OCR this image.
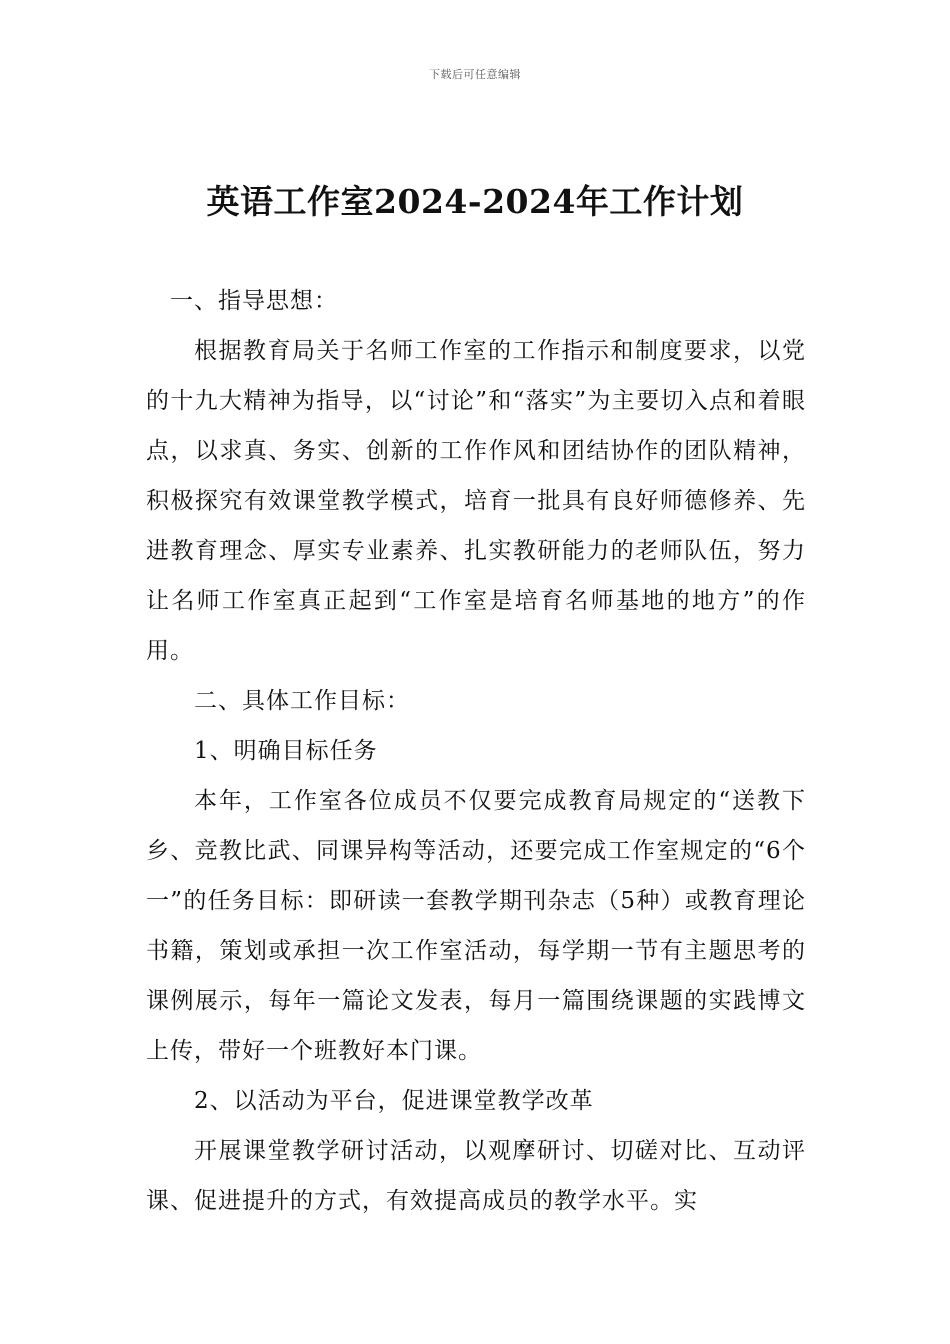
下载后可任意编辑
英语工作室2024-2024年工作计划

一、指导思想：

根据教育局关于名师工作室的工作指示和制度要求，以党的十九大精神为指导，以“讨论”和“落实”为主要切入点和着眼点，以求真、务实、创新的工作作风和团结协作的团队精神，积极探究有效课堂教学模式，培育一批具有良好师德修养、先进教育理念、厚实专业素养、扎实教研能力的老师队伍，努力让名师工作室真正起到“工作室是培育名师基地的地方”的作用。

二、具体工作目标：

1、明确目标任务

本年，工作室各位成员不仅要完成教育局规定的“送教下乡、竞教比武、同课异构等活动，还要完成工作室规定的“6个一”的任务目标：即研读一套教学期刊杂志（5种）或教育理论书籍，策划或承担一次工作室活动，每学期一节有主题思考的课例展示，每年一篇论文发表，每月一篇围绕课题的实践博文上传，带好一个班教好本门课。

2、以活动为平台，促进课堂教学改革

开展课堂教学研讨活动，以观摩研讨、切磋对比、互动评课、促进提升的方式，有效提高成员的教学水平。实
